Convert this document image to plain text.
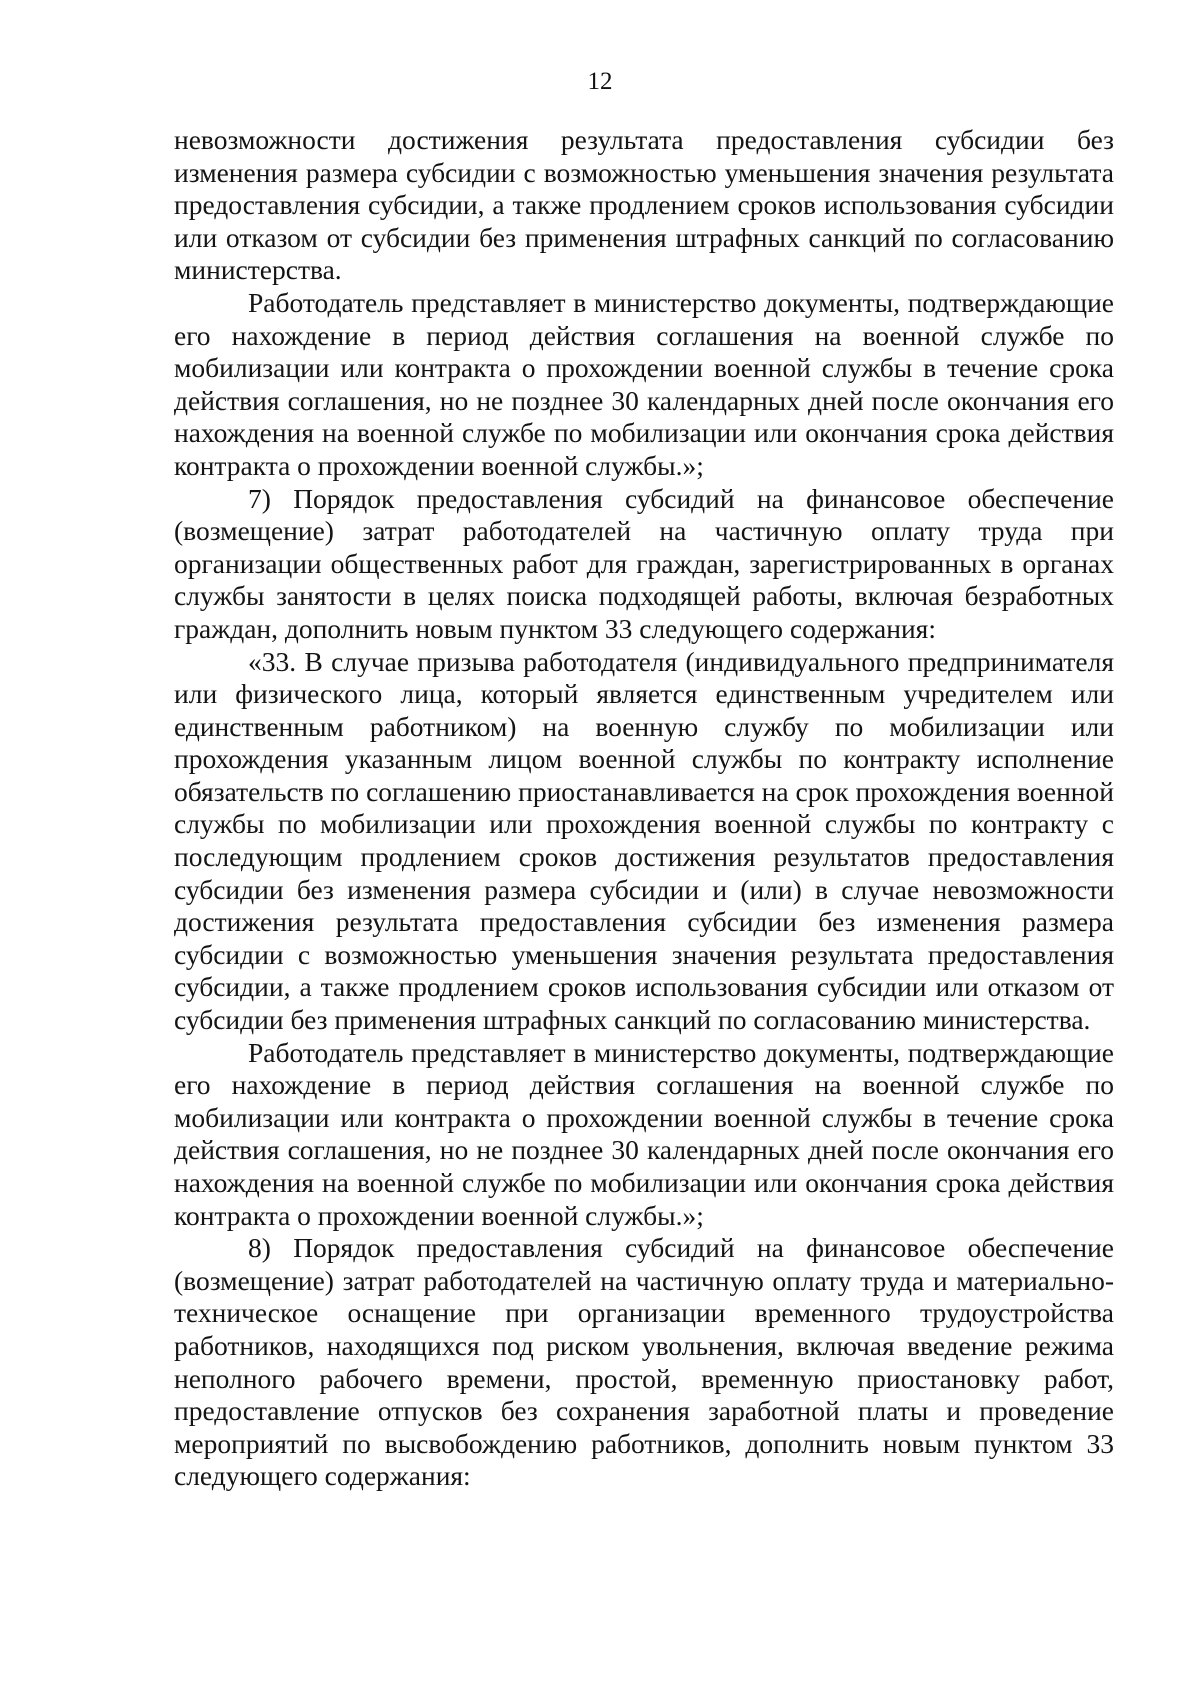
12

невозможности достижения результата предоставления субсидии без изменения размера субсидии с возможностью уменьшения значения результата предоставления субсидии, а также продлением сроков использования субсидии или отказом от субсидии без применения штрафных санкций по согласованию министерства.

Работодатель представляет в министерство документы, подтверждающие его нахождение в период действия соглашения на военной службе по мобилизации или контракта о прохождении военной службы в течение срока действия соглашения, но не позднее 30 календарных дней после окончания его нахождения на военной службе по мобилизации или окончания срока действия контракта о прохождении военной службы.»;

7) Порядок предоставления субсидий на финансовое обеспечение (возмещение) затрат работодателей на частичную оплату труда при организации общественных работ для граждан, зарегистрированных в органах службы занятости в целях поиска подходящей работы, включая безработных граждан, дополнить новым пунктом 33 следующего содержания:

«33. В случае призыва работодателя (индивидуального предпринимателя или физического лица, который является единственным учредителем или единственным работником) на военную службу по мобилизации или прохождения указанным лицом военной службы по контракту исполнение обязательств по соглашению приостанавливается на срок прохождения военной службы по мобилизации или прохождения военной службы по контракту с последующим продлением сроков достижения результатов предоставления субсидии без изменения размера субсидии и (или) в случае невозможности достижения результата предоставления субсидии без изменения размера субсидии с возможностью уменьшения значения результата предоставления субсидии, а также продлением сроков использования субсидии или отказом от субсидии без применения штрафных санкций по согласованию министерства.

Работодатель представляет в министерство документы, подтверждающие его нахождение в период действия соглашения на военной службе по мобилизации или контракта о прохождении военной службы в течение срока действия соглашения, но не позднее 30 календарных дней после окончания его нахождения на военной службе по мобилизации или окончания срока действия контракта о прохождении военной службы.»;

8) Порядок предоставления субсидий на финансовое обеспечение (возмещение) затрат работодателей на частичную оплату труда и материально-техническое оснащение при организации временного трудоустройства работников, находящихся под риском увольнения, включая введение режима неполного рабочего времени, простой, временную приостановку работ, предоставление отпусков без сохранения заработной платы и проведение мероприятий по высвобождению работников, дополнить новым пунктом 33 следующего содержания:
